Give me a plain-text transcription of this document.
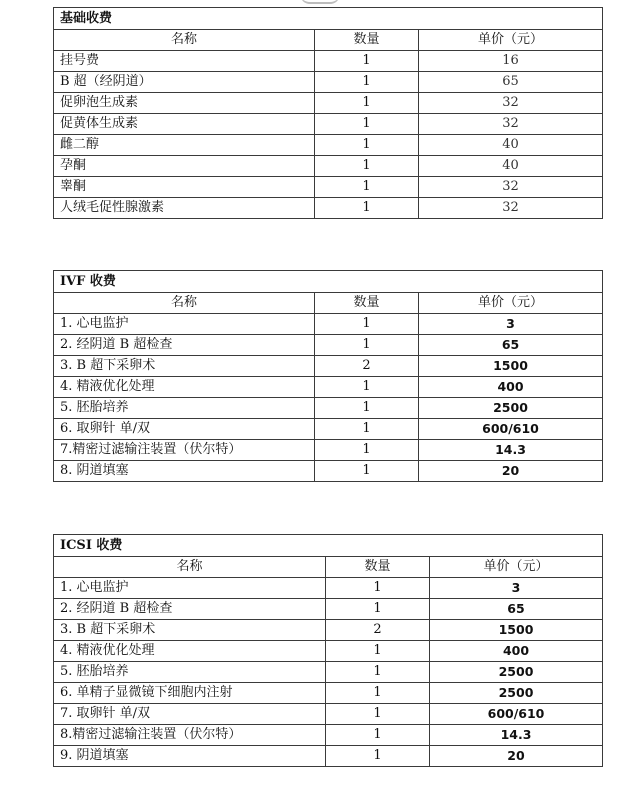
基础收费		
名称	数量	单价（元）
挂号费	1	16
B 超（经阴道）	1	65
促卵泡生成素	1	32
促黄体生成素	1	32
雌二醇	1	40
孕酮	1	40
睾酮	1	32
人绒毛促性腺激素	1	32
IVF 收费		
名称	数量	单价（元）
1. 心电监护	1	3
2. 经阴道 B 超检查	1	65
3. B 超下采卵术	2	1500
4. 精液优化处理	1	400
5. 胚胎培养	1	2500
6. 取卵针 单/双	1	600/610
7.精密过滤输注装置（伏尔特）	1	14.3
8. 阴道填塞	1	20
ICSI 收费		
名称	数量	单价（元）
1. 心电监护	1	3
2. 经阴道 B 超检查	1	65
3. B 超下采卵术	2	1500
4. 精液优化处理	1	400
5. 胚胎培养	1	2500
6. 单精子显微镜下细胞内注射	1	2500
7. 取卵针 单/双	1	600/610
8.精密过滤输注装置（伏尔特）	1	14.3
9. 阴道填塞	1	20
